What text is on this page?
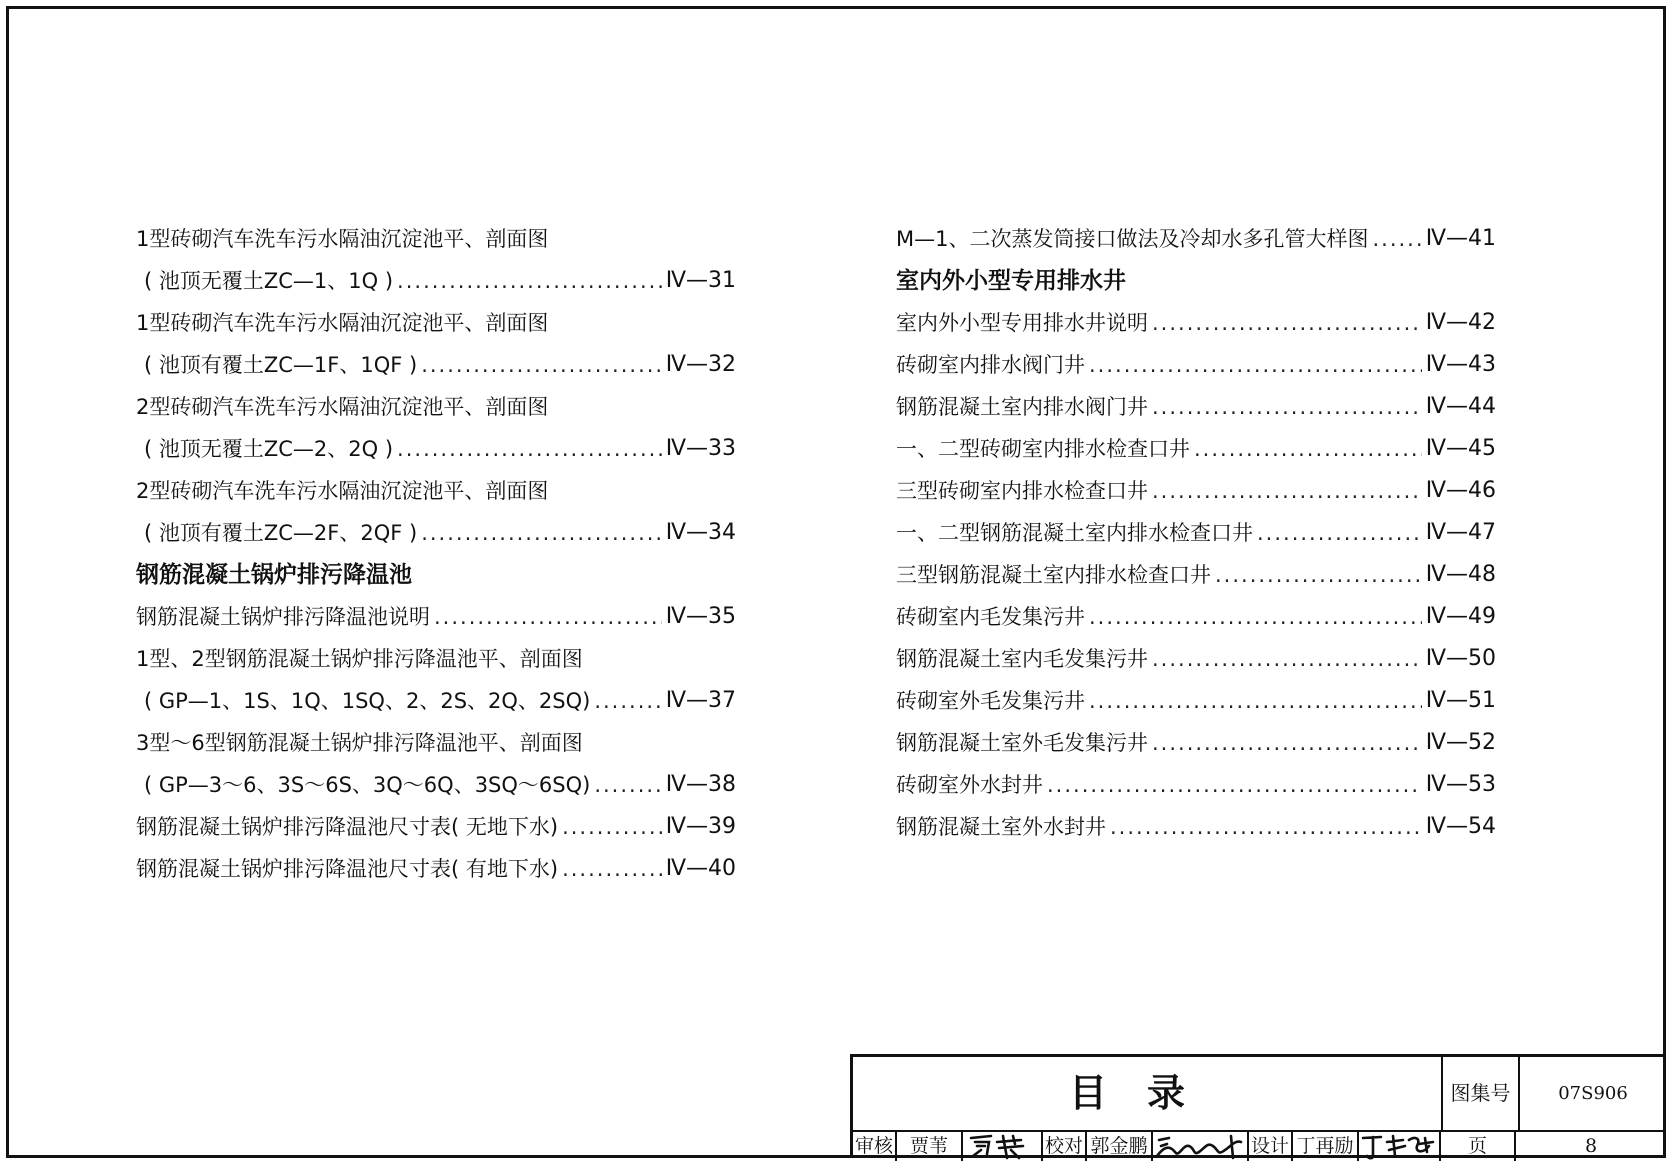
1型砖砌汽车洗车污水隔油沉淀池平、剖面图
( 池顶无覆土ZC—1、1Q ) .....	Ⅳ—31
1型砖砌汽车洗车污水隔油沉淀池平、剖面图
( 池顶有覆土ZC—1F、1QF ) .....	Ⅳ—32
2型砖砌汽车洗车污水隔油沉淀池平、剖面图
( 池顶无覆土ZC—2、2Q ) .....	Ⅳ—33
2型砖砌汽车洗车污水隔油沉淀池平、剖面图
( 池顶有覆土ZC—2F、2QF ) .....	Ⅳ—34
钢筋混凝土锅炉排污降温池
钢筋混凝土锅炉排污降温池说明 .....	Ⅳ—35
1型、2型钢筋混凝土锅炉排污降温池平、剖面图
( GP—1、1S、1Q、1SQ、2、2S、2Q、2SQ) .....	Ⅳ—37
3型～6型钢筋混凝土锅炉排污降温池平、剖面图
( GP—3～6、3S～6S、3Q～6Q、3SQ～6SQ) .....	Ⅳ—38
钢筋混凝土锅炉排污降温池尺寸表( 无地下水) .....	Ⅳ—39
钢筋混凝土锅炉排污降温池尺寸表( 有地下水) .....	Ⅳ—40
M—1、二次蒸发筒接口做法及冷却水多孔管大样图 .....	Ⅳ—41
室内外小型专用排水井
室内外小型专用排水井说明 .....	Ⅳ—42
砖砌室内排水阀门井 .....	Ⅳ—43
钢筋混凝土室内排水阀门井 .....	Ⅳ—44
一、二型砖砌室内排水检查口井 .....	Ⅳ—45
三型砖砌室内排水检查口井 .....	Ⅳ—46
一、二型钢筋混凝土室内排水检查口井 .....	Ⅳ—47
三型钢筋混凝土室内排水检查口井 .....	Ⅳ—48
砖砌室内毛发集污井 .....	Ⅳ—49
钢筋混凝土室内毛发集污井 .....	Ⅳ—50
砖砌室外毛发集污井 .....	Ⅳ—51
钢筋混凝土室外毛发集污井 .....	Ⅳ—52
砖砌室外水封井 .....	Ⅳ—53
钢筋混凝土室外水封井 .....	Ⅳ—54
目录	图集号	07S906
审核 贾苇	校对 郭金鹏	设计 丁再励	页	8
